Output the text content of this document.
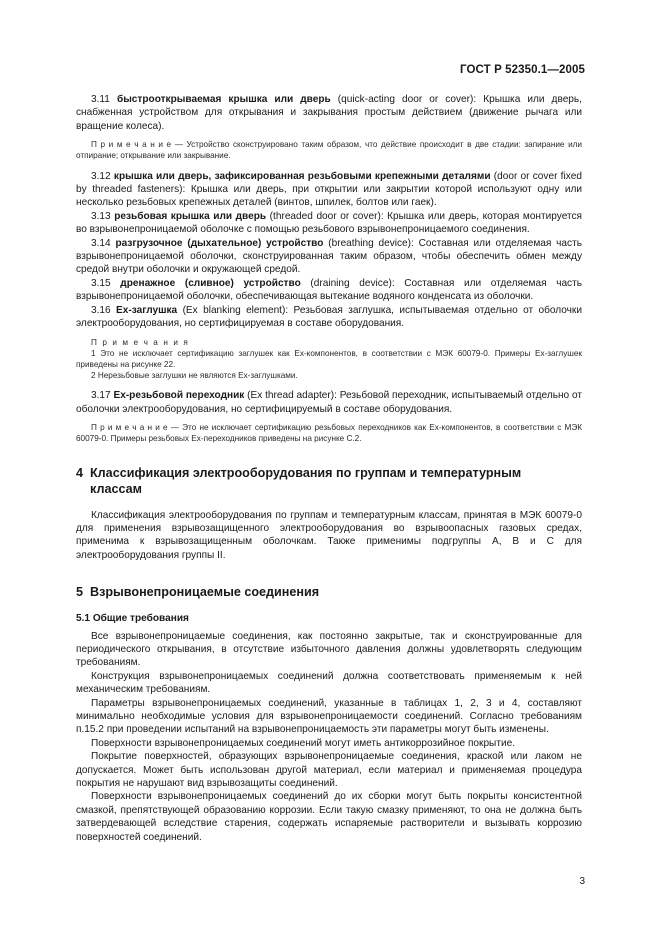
ГОСТ Р 52350.1—2005

3.11 быстрооткрываемая крышка или дверь (quick-acting door or cover): Крышка или дверь, снабженная устройством для открывания и закрывания простым действием (движение рычага или вращение колеса).

П р и м е ч а н и е — Устройство сконструировано таким образом, что действие происходит в две стадии: запирание или отпирание; открывание или закрывание.

3.12 крышка или дверь, зафиксированная резьбовыми крепежными деталями (door or cover fixed by threaded fasteners): Крышка или дверь, при открытии или закрытии которой используют одну или несколько резьбовых крепежных деталей (винтов, шпилек, болтов или гаек).

3.13 резьбовая крышка или дверь (threaded door or cover): Крышка или дверь, которая монтируется во взрывонепроницаемой оболочке с помощью резьбового взрывонепроницаемого соединения.

3.14 разгрузочное (дыхательное) устройство (breathing device): Составная или отделяемая часть взрывонепроницаемой оболочки, сконструированная таким образом, чтобы обеспечить обмен между средой внутри оболочки и окружающей средой.

3.15 дренажное (сливное) устройство (draining device): Составная или отделяемая часть взрывонепроницаемой оболочки, обеспечивающая вытекание водяного конденсата из оболочки.

3.16 Ex-заглушка (Ex blanking element): Резьбовая заглушка, испытываемая отдельно от оболочки электрооборудования, но сертифицируемая в составе оборудования.

П р и м е ч а н и я

1 Это не исключает сертификацию заглушек как Ex-компонентов, в соответствии с МЭК 60079-0. Примеры Ex-заглушек приведены на рисунке 22.

2 Нерезьбовые заглушки не являются Ex-заглушками.

3.17 Ex-резьбовой переходник (Ex thread adapter): Резьбовой переходник, испытываемый отдельно от оболочки электрооборудования, но сертифицируемый в составе оборудования.

П р и м е ч а н и е — Это не исключает сертификацию резьбовых переходников как Ex-компонентов, в соответствии с МЭК 60079-0. Примеры резьбовых Ex-переходников приведены на рисунке С.2.

4 Классификация электрооборудования по группам и температурным
классам

Классификация электрооборудования по группам и температурным классам, принятая в МЭК 60079-0 для применения взрывозащищенного электрооборудования во взрывоопасных газовых средах, применима к взрывозащищенным оболочкам. Также применимы подгруппы А, В и С для электрооборудования группы II.

5 Взрывонепроницаемые соединения
5.1 Общие требования

Все взрывонепроницаемые соединения, как постоянно закрытые, так и сконструированные для периодического открывания, в отсутствие избыточного давления должны удовлетворять следующим требованиям.

Конструкция взрывонепроницаемых соединений должна соответствовать применяемым к ней механическим требованиям.

Параметры взрывонепроницаемых соединений, указанные в таблицах 1, 2, 3 и 4, составляют минимально необходимые условия для взрывонепроницаемости соединений. Согласно требованиям п.15.2 при проведении испытаний на взрывонепроницаемость эти параметры могут быть изменены.

Поверхности взрывонепроницаемых соединений могут иметь антикоррозийное покрытие.

Покрытие поверхностей, образующих взрывонепроницаемые соединения, краской или лаком не допускается. Может быть использован другой материал, если материал и применяемая процедура покрытия не нарушают вид взрывозащиты соединений.

Поверхности взрывонепроницаемых соединений до их сборки могут быть покрыты консистентной смазкой, препятствующей образованию коррозии. Если такую смазку применяют, то она не должна быть затвердевающей вследствие старения, содержать испаряемые растворители и вызывать коррозию поверхностей соединений.

3
